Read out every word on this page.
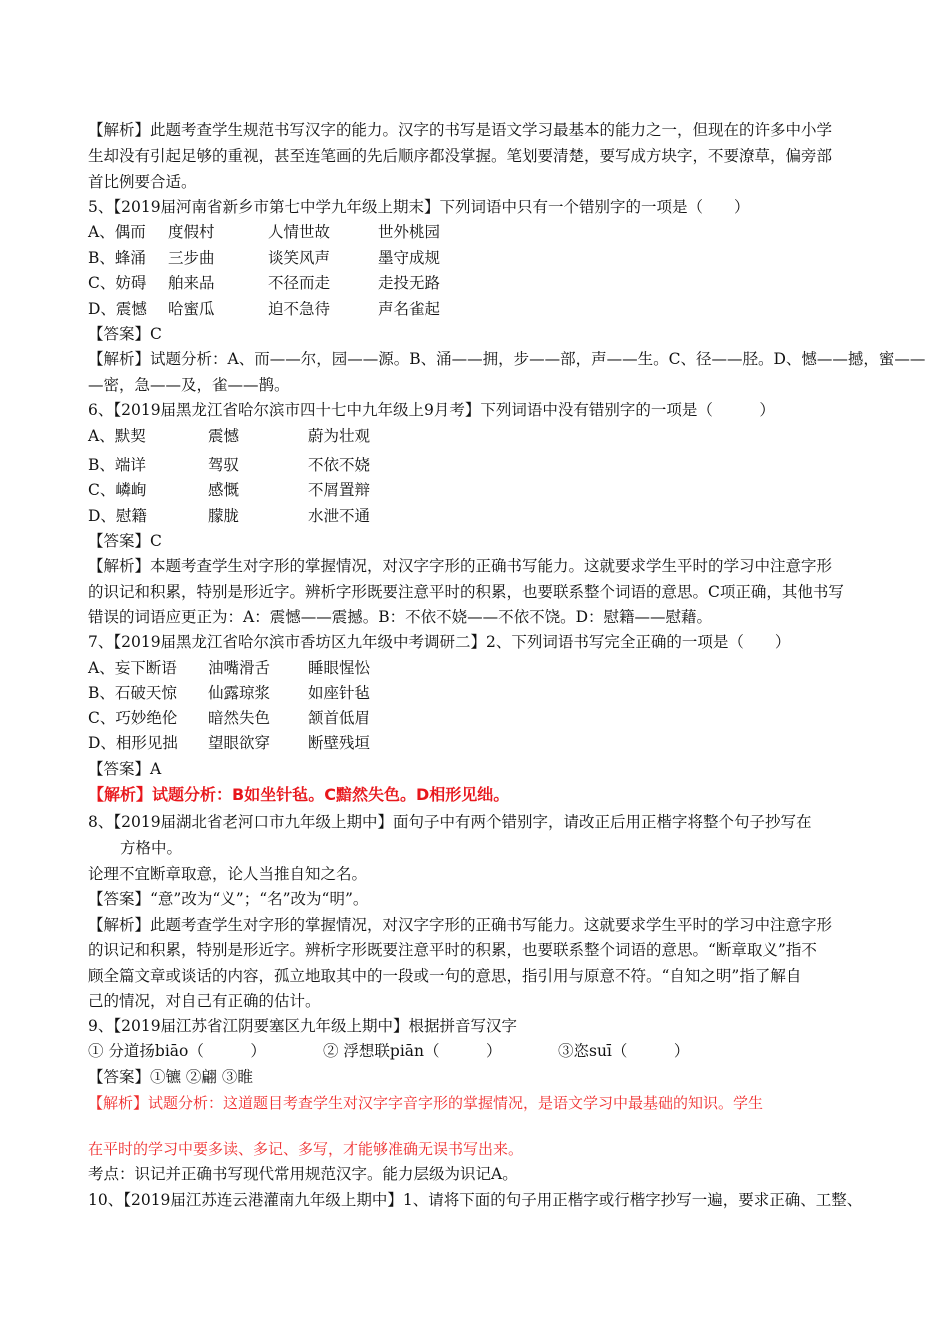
【解析】此题考查学生规范书写汉字的能力。汉字的书写是语文学习最基本的能力之一，但现在的许多中小学
生却没有引起足够的重视，甚至连笔画的先后顺序都没掌握。笔划要清楚，要写成方块字，不要潦草，偏旁部
首比例要合适。
5、【2019届河南省新乡市第七中学九年级上期末】下列词语中只有一个错别字的一项是（　　）
A、偶而 度假村	人情世故	世外桃园
B、蜂涌 三步曲	谈笑风声	墨守成规
C、妨碍 舶来品	不径而走	走投无路
D、震憾 哈蜜瓜	迫不急待	声名雀起
【答案】C
【解析】试题分析：A、而——尔，园——源。B、涌——拥，步——部，声——生。C、径——胫。D、憾——撼，蜜——
—密，急——及，雀——鹊。
6、【2019届黑龙江省哈尔滨市四十七中九年级上9月考】下列词语中没有错别字的一项是（　　　）
A、默契	震憾	蔚为壮观
B、端详	驾驭	不依不娆
C、嶙峋	感慨	不屑置辩
D、慰籍	朦胧	水泄不通
【答案】C
【解析】本题考查学生对字形的掌握情况，对汉字字形的正确书写能力。这就要求学生平时的学习中注意字形
的识记和积累，特别是形近字。辨析字形既要注意平时的积累，也要联系整个词语的意思。C项正确，其他书写
错误的词语应更正为：A：震憾——震撼。B：不依不娆——不依不饶。D：慰籍——慰藉。
7、【2019届黑龙江省哈尔滨市香坊区九年级中考调研二】2、下列词语书写完全正确的一项是（　　）
A、妄下断语 油嘴滑舌 睡眼惺忪
B、石破天惊 仙露琼浆 如座针毡
C、巧妙绝伦 暗然失色 颔首低眉
D、相形见拙 望眼欲穿 断壁残垣
【答案】A
【解析】试题分析：B如坐针毡。C黯然失色。D相形见绌。
8、【2019届湖北省老河口市九年级上期中】面句子中有两个错别字，请改正后用正楷字将整个句子抄写在
方格中。
论理不宜断章取意，论人当推自知之名。
【答案】“意”改为“义”；“名”改为“明”。
【解析】此题考查学生对字形的掌握情况，对汉字字形的正确书写能力。这就要求学生平时的学习中注意字形
的识记和积累，特别是形近字。辨析字形既要注意平时的积累，也要联系整个词语的意思。“断章取义”指不
顾全篇文章或谈话的内容，孤立地取其中的一段或一句的意思，指引用与原意不符。“自知之明”指了解自
己的情况，对自己有正确的估计。
9、【2019届江苏省江阴要塞区九年级上期中】根据拼音写汉字
① 分道扬biāo（　　　）	② 浮想联piān（　　　）	③恣suī（　　　）
【答案】①镳 ②翩 ③睢
【解析】试题分析：这道题目考查学生对汉字字音字形的掌握情况，是语文学习中最基础的知识。学生
在平时的学习中要多读、多记、多写，才能够准确无误书写出来。
考点：识记并正确书写现代常用规范汉字。能力层级为识记A。
10、【2019届江苏连云港灌南九年级上期中】1、请将下面的句子用正楷字或行楷字抄写一遍，要求正确、工整、
